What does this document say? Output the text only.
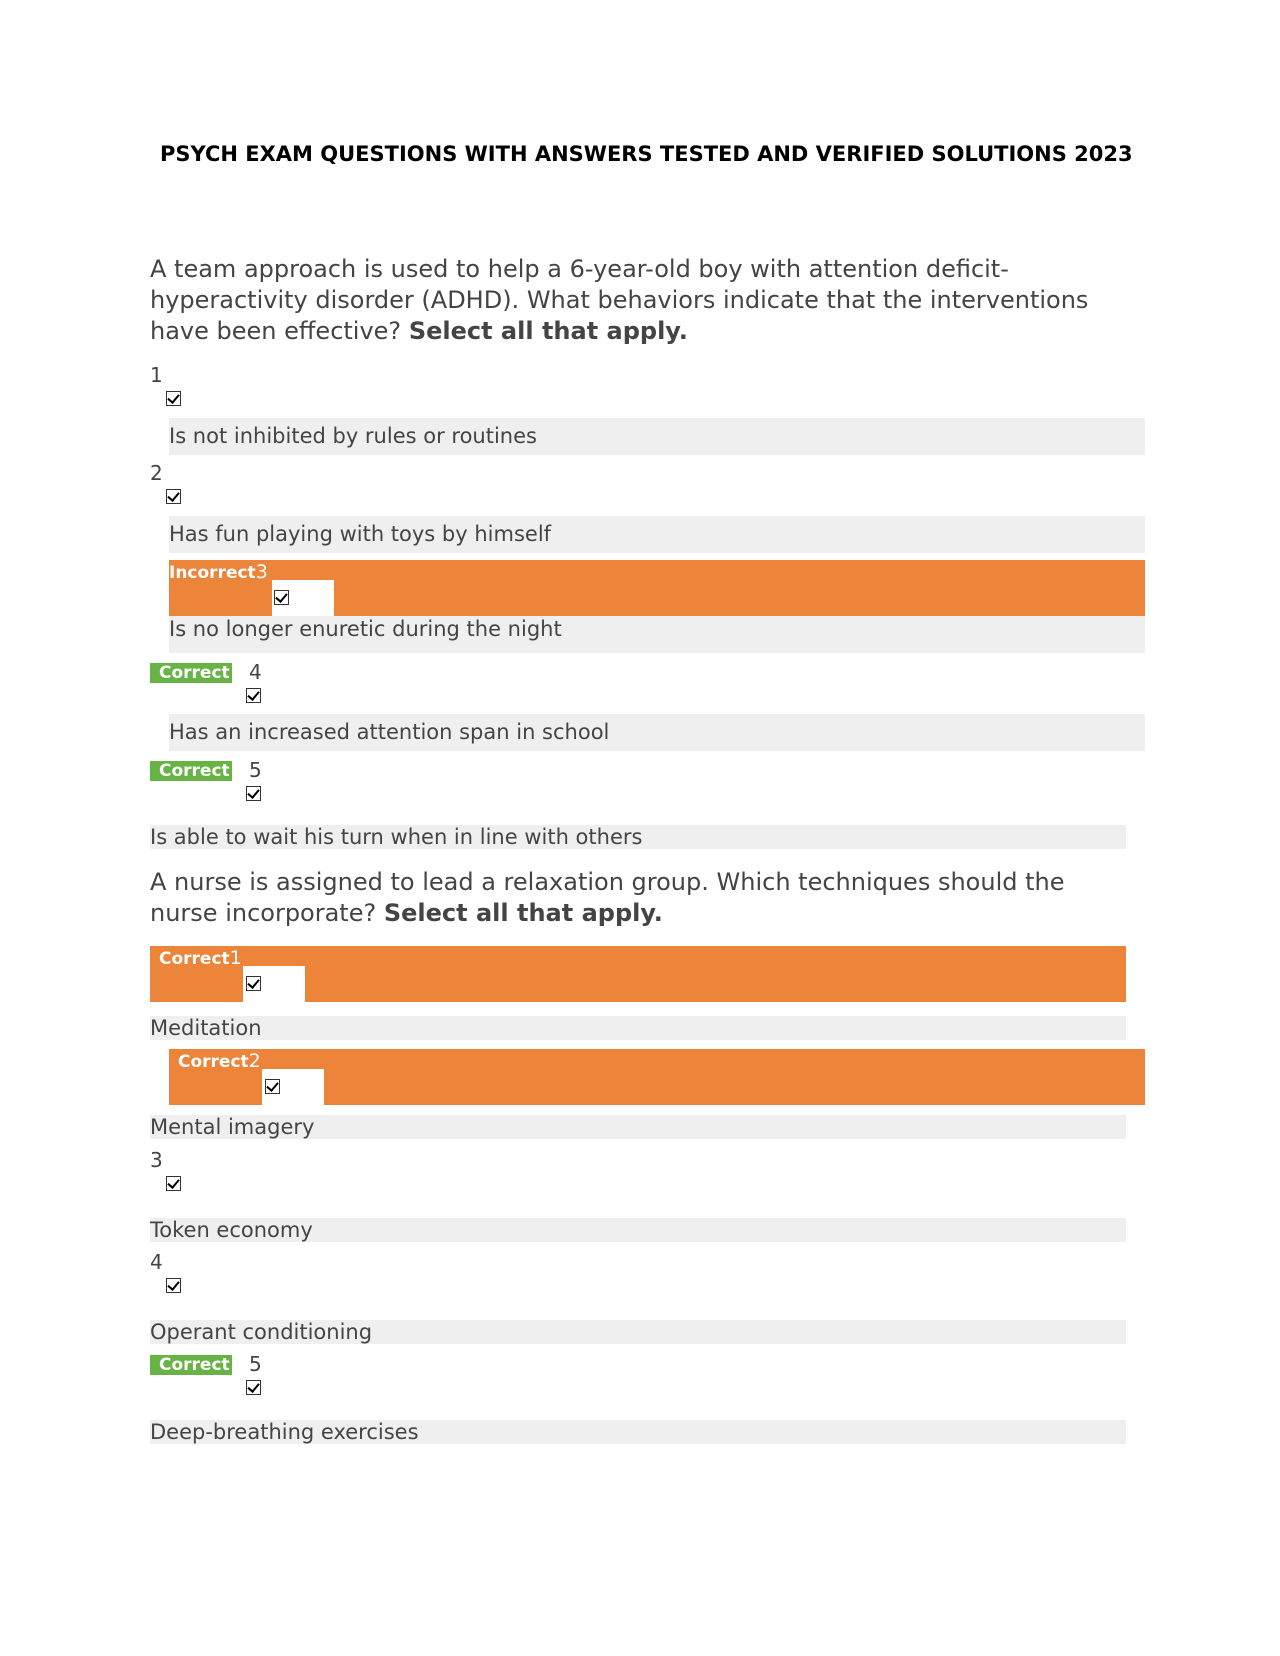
PSYCH EXAM QUESTIONS WITH ANSWERS TESTED AND VERIFIED SOLUTIONS 2023
A team approach is used to help a 6-year-old boy with attention deficit-hyperactivity disorder (ADHD). What behaviors indicate that the interventions have been effective? Select all that apply.
1
Is not inhibited by rules or routines
2
Has fun playing with toys by himself
Incorrect3
Is no longer enuretic during the night
Correct 4
Has an increased attention span in school
Correct 5
Is able to wait his turn when in line with others
A nurse is assigned to lead a relaxation group. Which techniques should the nurse incorporate? Select all that apply.
Correct1
Meditation
Correct2
Mental imagery
3
Token economy
4
Operant conditioning
Correct 5
Deep-breathing exercises
